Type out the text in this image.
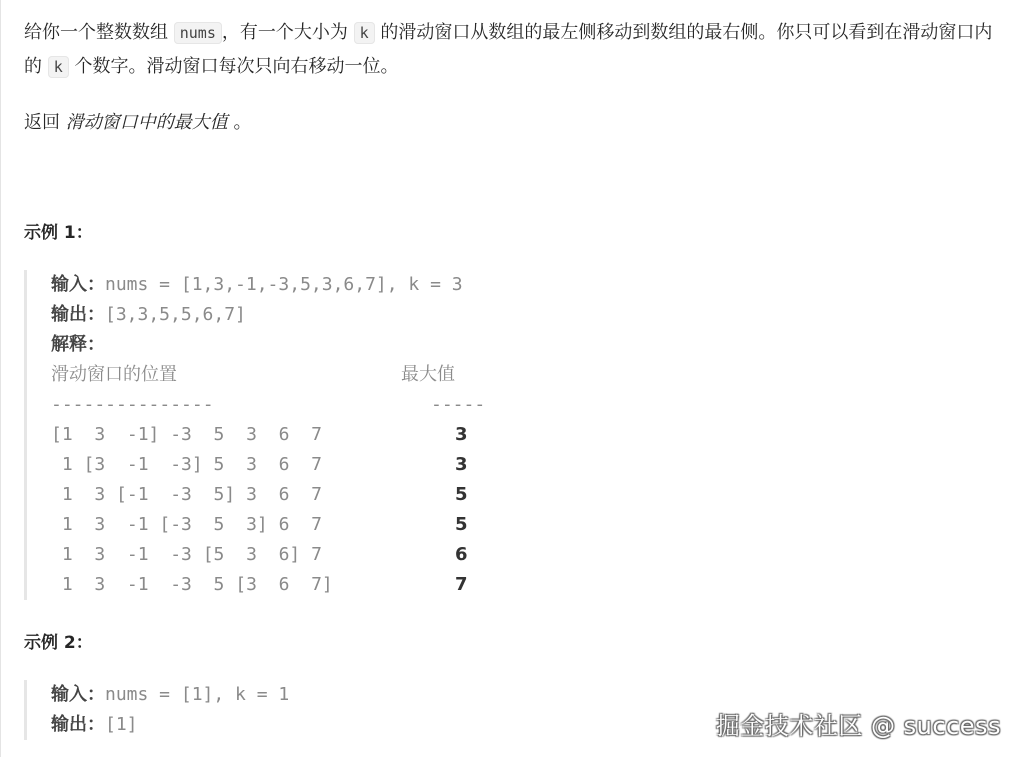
给你一个整数数组 nums ，有一个大小为 k 的滑动窗口从数组的最左侧移动到数组的最右侧。你只可以看到在滑动窗口内的 k 个数字。滑动窗口每次只向右移动一位。

返回 滑动窗口中的最大值 。

示例 1：

输入：nums = [1,3,-1,-3,5,3,6,7], k = 3
输出：[3,3,5,5,6,7]
解释：
滑动窗口的位置	最大值
---------------	-----
[1  3  -1] -3  5  3  6  7	3
1 [3  -1  -3] 5  3  6  7	3
1  3 [-1  -3  5] 3  6  7	5
1  3  -1 [-3  5  3] 6  7	5
1  3  -1  -3 [5  3  6] 7	6
1  3  -1  -3  5 [3  6  7]	7

示例 2：

输入：nums = [1], k = 1
输出：[1]	掘金技术社区 @ success
